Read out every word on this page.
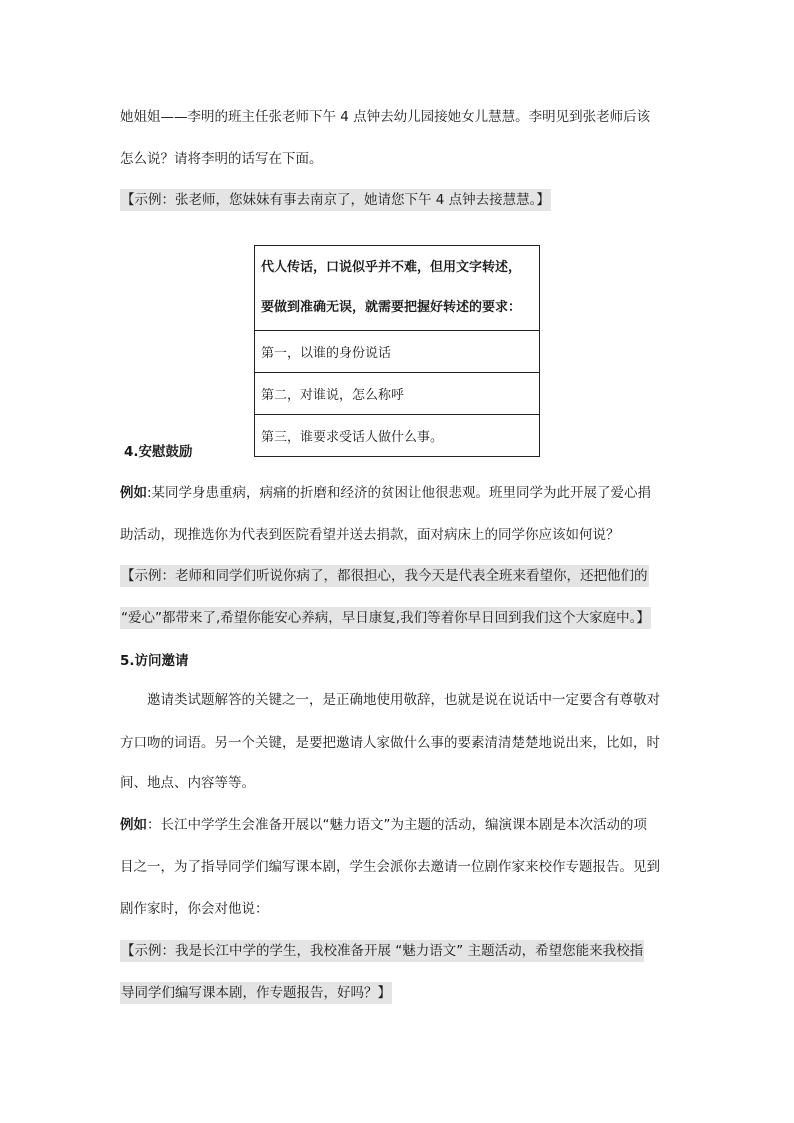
她姐姐——李明的班主任张老师下午 4 点钟去幼儿园接她女儿慧慧。李明见到张老师后该
怎么说？请将李明的话写在下面。
【示例：张老师，您妹妹有事去南京了，她请您下午 4 点钟去接慧慧。】
代人传话，口说似乎并不难，但用文字转述，
要做到准确无误，就需要把握好转述的要求：

第一，以谁的身份说话
第二，对谁说，怎么称呼
第三，谁要求受话人做什么事。
4.安慰鼓励
例如:某同学身患重病，病痛的折磨和经济的贫困让他很悲观。班里同学为此开展了爱心捐
助活动，现推选你为代表到医院看望并送去捐款，面对病床上的同学你应该如何说？
【示例：老师和同学们听说你病了，都很担心，我今天是代表全班来看望你，还把他们的
“爱心”都带来了,希望你能安心养病，早日康复,我们等着你早日回到我们这个大家庭中。】
5.访问邀请
邀请类试题解答的关键之一，是正确地使用敬辞，也就是说在说话中一定要含有尊敬对
方口吻的词语。另一个关键，是要把邀请人家做什么事的要素清清楚楚地说出来，比如，时
间、地点、内容等等。
例如：长江中学学生会准备开展以“魅力语文”为主题的活动，编演课本剧是本次活动的项
目之一，为了指导同学们编写课本剧，学生会派你去邀请一位剧作家来校作专题报告。见到
剧作家时，你会对他说：
【示例：我是长江中学的学生，我校准备开展 “魅力语文” 主题活动，希望您能来我校指
导同学们编写课本剧，作专题报告，好吗？】
